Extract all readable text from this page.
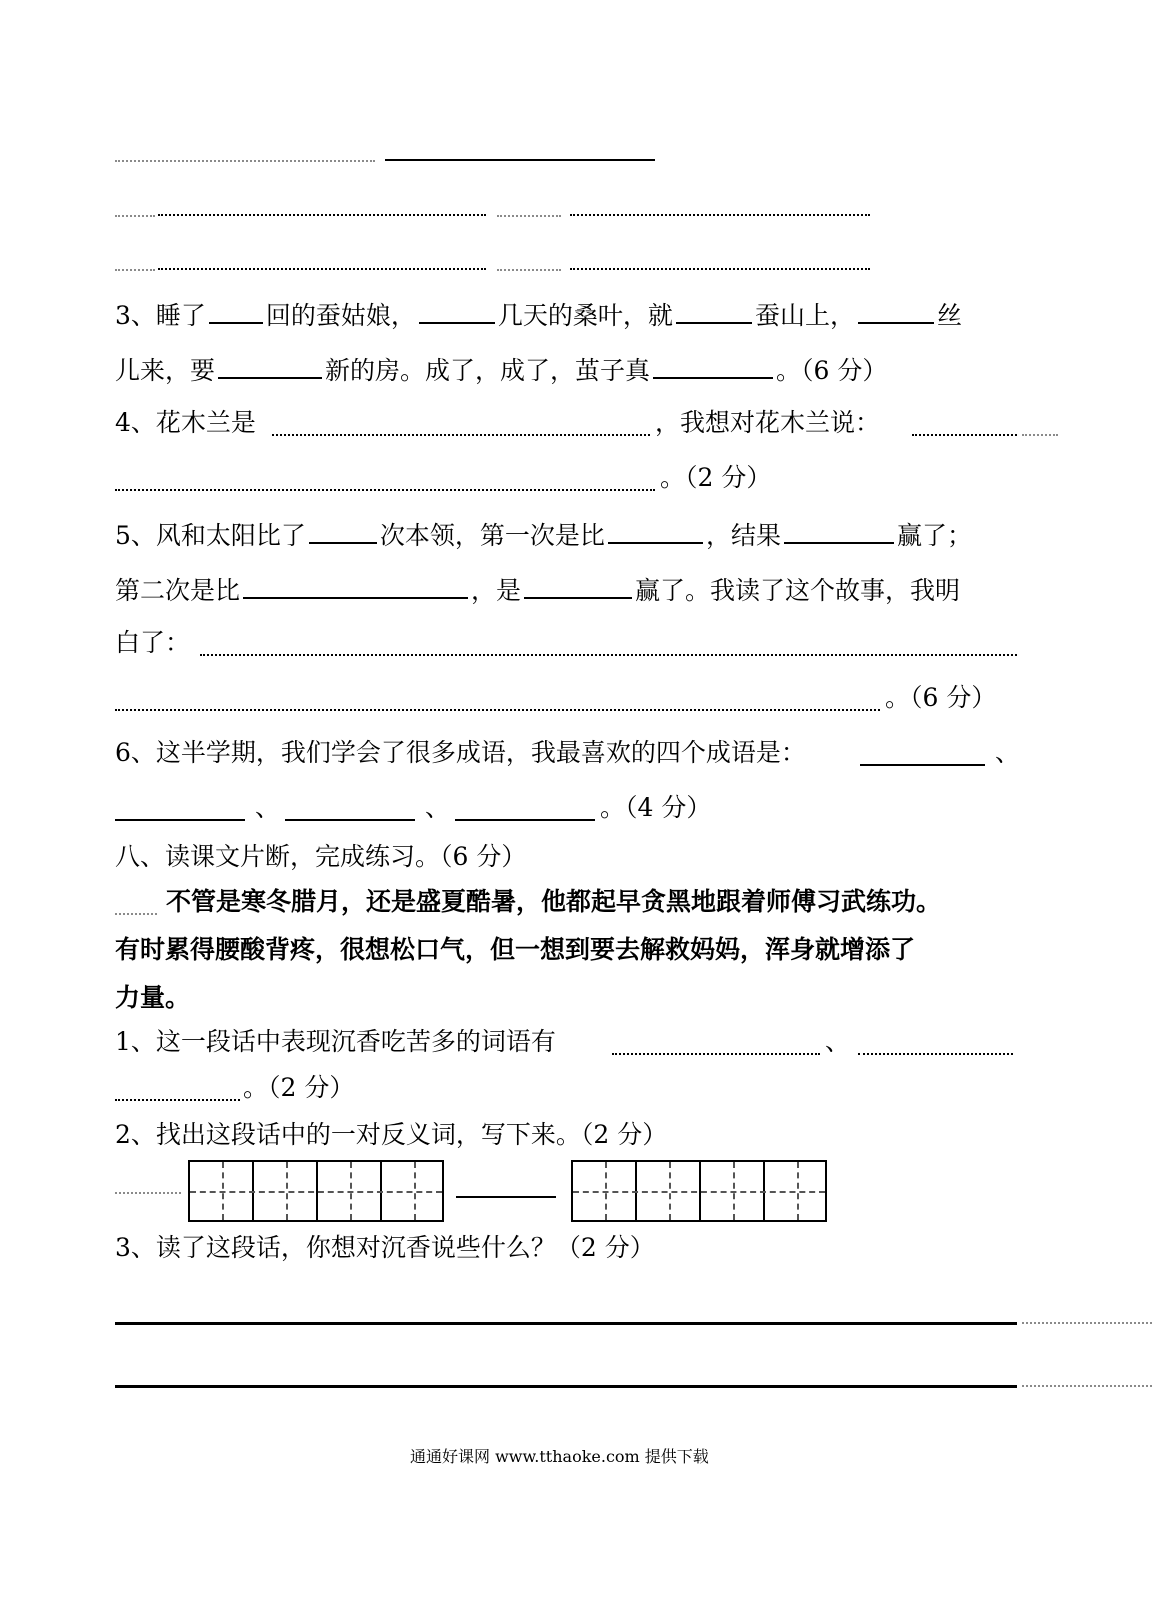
3、睡了 回的蚕姑娘，	几天的桑叶，就	蚕山上，	丝
儿来，要	新的房。成了，成了，茧子真	。（6 分）
4、花木兰是	，我想对花木兰说：
。（2 分）
5、风和太阳比了	次本领，第一次是比	，结果	赢了；
第二次是比	，是	赢了。我读了这个故事，我明
白了：
。（6 分）
6、这半学期，我们学会了很多成语，我最喜欢的四个成语是：	、
、	、	。（4 分）
八、读课文片断，完成练习。（6 分）
不管是寒冬腊月，还是盛夏酷暑，他都起早贪黑地跟着师傅习武练功。
有时累得腰酸背疼，很想松口气，但一想到要去解救妈妈，浑身就增添了
力量。
1、这一段话中表现沉香吃苦多的词语有	、
。（2 分）
2、找出这段话中的一对反义词，写下来。（2 分）
3、读了这段话，你想对沉香说些什么？（2 分）
通通好课网 www.tthaoke.com 提供下载
